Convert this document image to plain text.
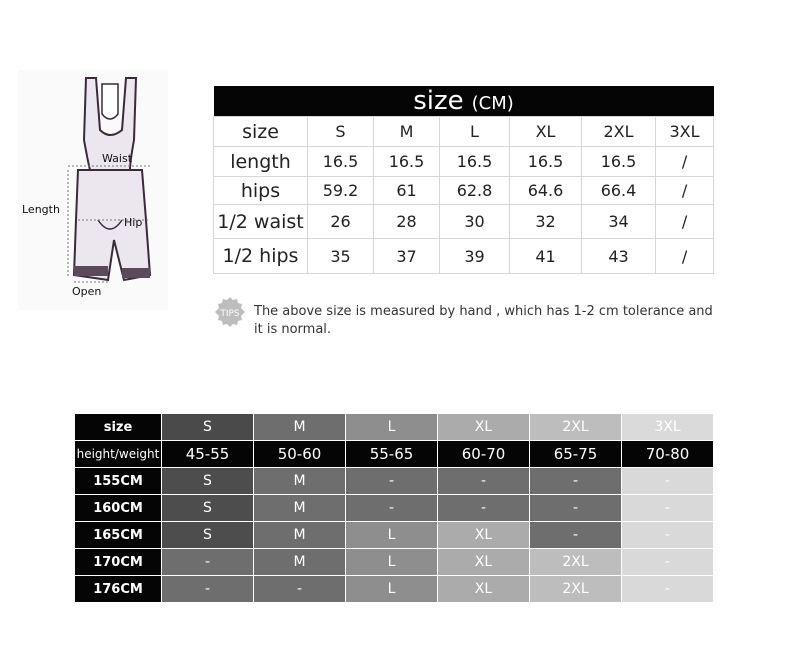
Waist
Length
Hip
Open
size (CM)						
size	S	M	L	XL	2XL	3XL
length	16.5	16.5	16.5	16.5	16.5	/
hips	59.2	61	62.8	64.6	66.4	/
1/2 waist	26	28	30	32	34	/
1/2 hips	35	37	39	41	43	/
TIPS The above size is measured by hand , which has 1-2 cm tolerance and it is normal.
size	S	M	L	XL	2XL	3XL
height/weight	45-55	50-60	55-65	60-70	65-75	70-80
155CM	S	M	-	-	-	-
160CM	S	M	-	-	-	-
165CM	S	M	L	XL	-	-
170CM	-	M	L	XL	2XL	-
176CM	-	-	L	XL	2XL	-
